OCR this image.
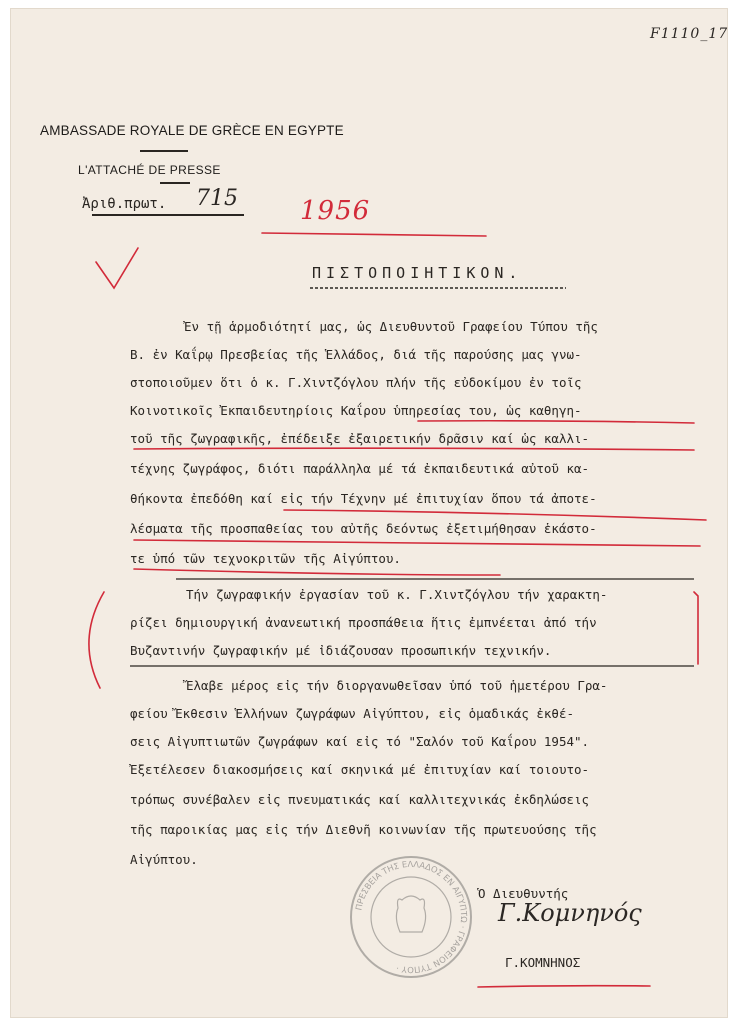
F1110_17
AMBASSADE ROYALE DE GRÈCE EN EGYPTE
L'ATTACHÉ DE PRESSE
Ἀριθ.πρωτ. 715 1956
ΠΙΣΤΟΠΟΙΗΤΙΚΟΝ.
Ἐν τῇ ἁρμοδιότητί μας, ὡς Διευθυντοῦ Γραφείου Τύπου τῆς
Β. ἐν Καΐρῳ Πρεσβείας τῆς Ἑλλάδος, διά τῆς παρούσης μας γνω-
στοποιοῦμεν ὅτι ὁ κ. Γ.Χιντζόγλου πλήν τῆς εὐδοκίμου ἐν τοῖς
Κοινοτικοῖς Ἐκπαιδευτηρίοις Καΐρου ὑπηρεσίας του, ὡς καθηγη-
τοῦ τῆς ζωγραφικῆς, ἐπέδειξε ἐξαιρετικήν δρᾶσιν καί ὡς καλλι-
τέχνης ζωγράφος, διότι παράλληλα μέ τά ἐκπαιδευτικά αὐτοῦ κα-
θήκοντα ἐπεδόθη καί εἰς τήν Τέχνην μέ ἐπιτυχίαν ὅπου τά ἀποτε-
λέσματα τῆς προσπαθείας του αὐτῆς δεόντως ἐξετιμήθησαν ἑκάστο-
τε ὑπό τῶν τεχνοκριτῶν τῆς Αἰγύπτου.
Τήν ζωγραφικήν ἐργασίαν τοῦ κ. Γ.Χιντζόγλου τήν χαρακτη-
ρίζει δημιουργική ἀνανεωτική προσπάθεια ἥτις ἐμπνέεται ἀπό τήν
Βυζαντινήν ζωγραφικήν μέ ἰδιάζουσαν προσωπικήν τεχνικήν.
Ἔλαβε μέρος εἰς τήν διοργανωθεῖσαν ὑπό τοῦ ἡμετέρου Γρα-
φείου Ἔκθεσιν Ἑλλήνων ζωγράφων Αἰγύπτου, εἰς ὁμαδικάς ἐκθέ-
σεις Αἰγυπτιωτῶν ζωγράφων καί εἰς τό "Σαλόν τοῦ Καΐρου 1954".
Ἐξετέλεσεν διακοσμήσεις καί σκηνικά μέ ἐπιτυχίαν καί τοιουτο-
τρόπως συνέβαλεν εἰς πνευματικάς καί καλλιτεχνικάς ἐκδηλώσεις
τῆς παροικίας μας εἰς τήν Διεθνῆ κοινωνίαν τῆς πρωτευούσης τῆς
Αἰγύπτου.
Ὁ Διευθυντής
Γ.Κομνηνός
Γ.ΚΟΜΝΗΝΟΣ
ΠΡΕΣΒΕΙΑ ΤΗΣ ΕΛΛΑΔΟΣ ΕΝ ΑΙΓΥΠΤΩ · ΓΡΑΦΕΙΟΝ ΤΥΠΟΥ ·
